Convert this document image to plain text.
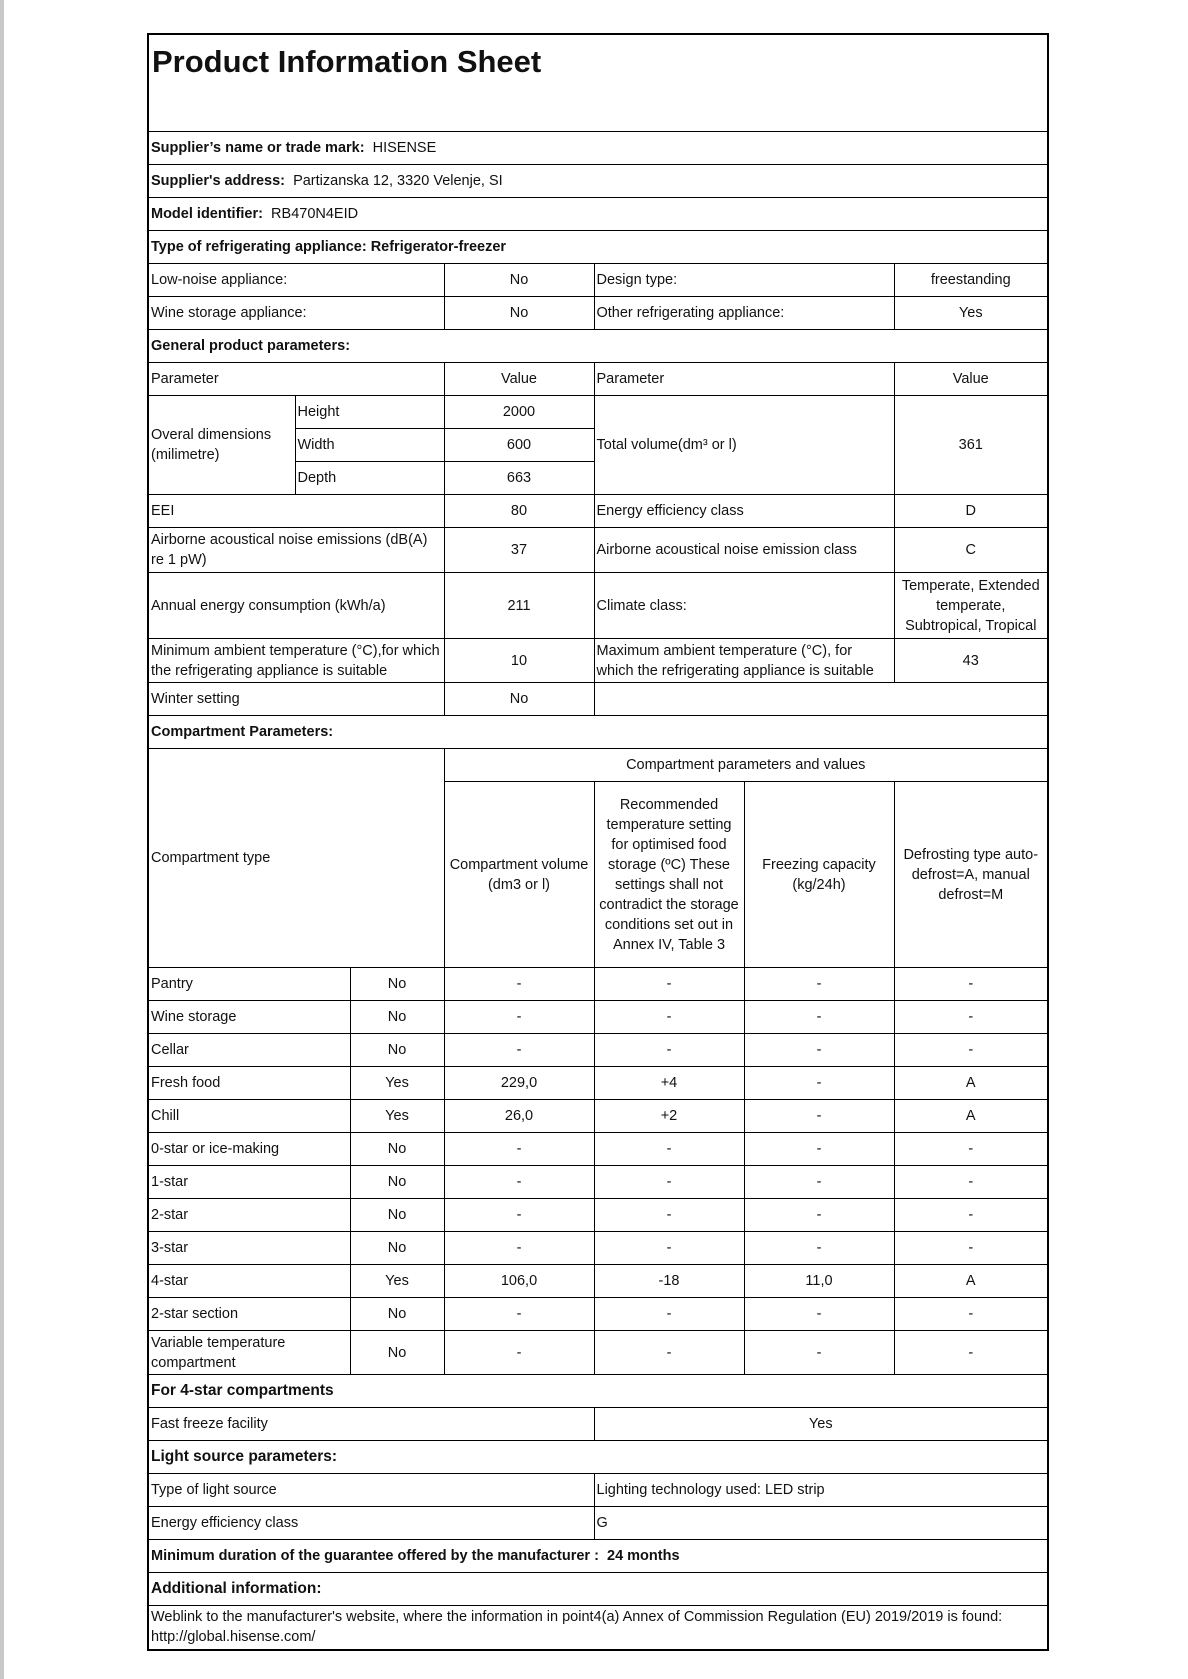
Product Information Sheet						
Supplier’s name or trade mark: HISENSE						
Supplier's address: Partizanska 12, 3320 Velenje, SI						
Model identifier: RB470N4EID						
Type of refrigerating appliance: Refrigerator-freezer						
Low-noise appliance:			No	Design type:		freestanding
Wine storage appliance:			No	Other refrigerating appliance:		Yes
General product parameters:						
Parameter			Value	Parameter		Value
Overal dimensions (milimetre)	Height		2000	Total volume(dm³ or l)		361
	Width		600			
	Depth		663			
EEI			80	Energy efficiency class		D
Airborne acoustical noise emissions (dB(A) re 1 pW)			37	Airborne acoustical noise emission class		C
Annual energy consumption (kWh/a)			211	Climate class:		Temperate, Extended temperate, Subtropical, Tropical
Minimum ambient temperature (°C),for which the refrigerating appliance is suitable			10	Maximum ambient temperature (°C), for which the refrigerating appliance is suitable		43
Winter setting			No			
Compartment Parameters:						
Compartment type			Compartment parameters and values			
			Compartment volume (dm3 or l)	Recommended temperature setting for optimised food storage (ºC) These settings shall not contradict the storage conditions set out in Annex IV, Table 3	Freezing capacity (kg/24h)	Defrosting type auto-defrost=A, manual defrost=M
Pantry		No	-	-	-	-
Wine storage		No	-	-	-	-
Cellar		No	-	-	-	-
Fresh food		Yes	229,0	+4	-	A
Chill		Yes	26,0	+2	-	A
0-star or ice-making		No	-	-	-	-
1-star		No	-	-	-	-
2-star		No	-	-	-	-
3-star		No	-	-	-	-
4-star		Yes	106,0	-18	11,0	A
2-star section		No	-	-	-	-
Variable temperature compartment		No	-	-	-	-
For 4-star compartments						
Fast freeze facility				Yes		
Light source parameters:						
Type of light source				Lighting technology used: LED strip		
Energy efficiency class				G		
Minimum duration of the guarantee offered by the manufacturer : 24 months						
Additional information:						
Weblink to the manufacturer's website, where the information in point4(a) Annex of Commission Regulation (EU) 2019/2019 is found: http://global.hisense.com/						
